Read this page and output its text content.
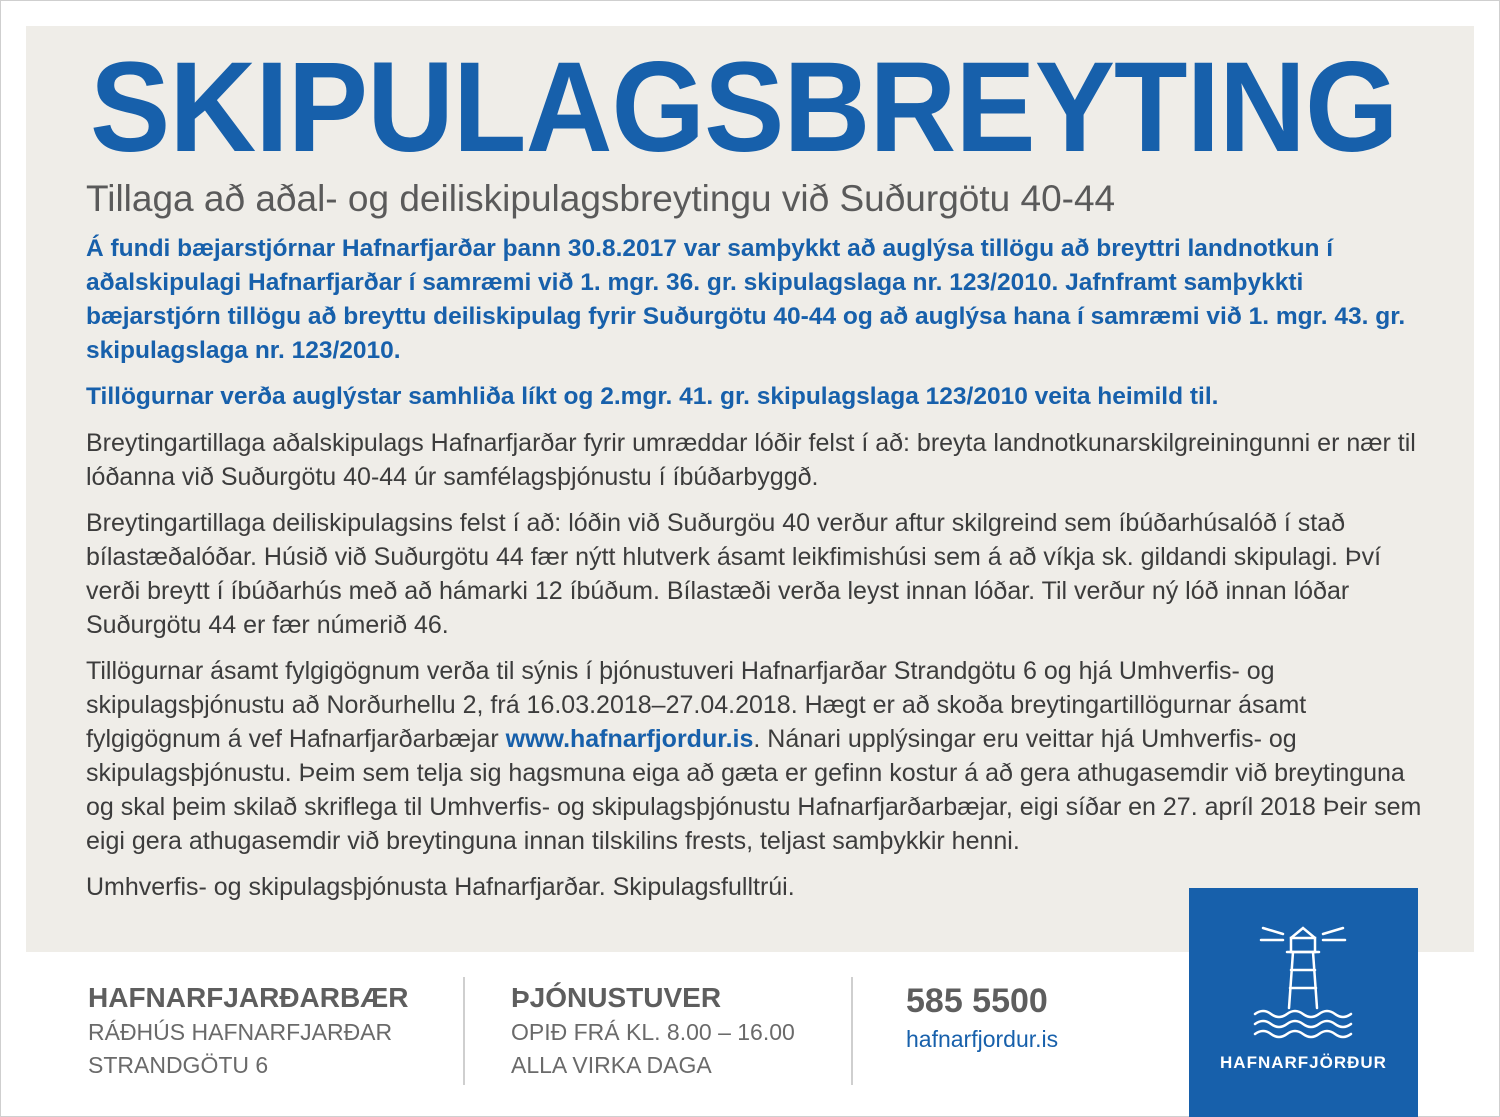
SKIPULAGSBREYTING
Tillaga að aðal- og deiliskipulagsbreytingu við Suðurgötu 40-44

Á fundi bæjarstjórnar Hafnarfjarðar þann 30.8.2017 var samþykkt að auglýsa tillögu að breyttri landnotkun í aðalskipulagi Hafnarfjarðar í samræmi við 1. mgr. 36. gr. skipulagslaga nr. 123/2010. Jafnframt samþykkti bæjarstjórn tillögu að breyttu deiliskipulag fyrir Suðurgötu 40-44 og að auglýsa hana í samræmi við 1. mgr. 43. gr. skipulagslaga nr. 123/2010.

Tillögurnar verða auglýstar samhliða líkt og 2.mgr. 41. gr. skipulagslaga 123/2010 veita heimild til.

Breytingartillaga aðalskipulags Hafnarfjarðar fyrir umræddar lóðir felst í að: breyta landnotkunarskilgreiningunni er nær til lóðanna við Suðurgötu 40-44 úr samfélagsþjónustu í íbúðarbyggð.

Breytingartillaga deiliskipulagsins felst í að: lóðin við Suðurgöu 40 verður aftur skilgreind sem íbúðarhúsalóð í stað bílastæðalóðar. Húsið við Suðurgötu 44 fær nýtt hlutverk ásamt leikfimishúsi sem á að víkja sk. gildandi skipulagi. Því verði breytt í íbúðarhús með að hámarki 12 íbúðum. Bílastæði verða leyst innan lóðar. Til verður ný lóð innan lóðar Suðurgötu 44 er fær númerið 46.

Tillögurnar ásamt fylgigögnum verða til sýnis í þjónustuveri Hafnarfjarðar Strandgötu 6 og hjá Umhverfis- og skipulagsþjónustu að Norðurhellu 2, frá 16.03.2018–27.04.2018. Hægt er að skoða breytingartillögurnar ásamt fylgigögnum á vef Hafnarfjarðarbæjar www.hafnarfjordur.is. Nánari upplýsingar eru veittar hjá Umhverfis- og skipulagsþjónustu. Þeim sem telja sig hagsmuna eiga að gæta er gefinn kostur á að gera athugasemdir við breytinguna og skal þeim skilað skriflega til Umhverfis- og skipulagsþjónustu Hafnarfjarðarbæjar, eigi síðar en 27. apríl 2018 Þeir sem eigi gera athugasemdir við breytinguna innan tilskilins frests, teljast samþykkir henni.

Umhverfis- og skipulagsþjónusta Hafnarfjarðar. Skipulagsfulltrúi.

HAFNARFJARÐARBÆR
RÁÐHÚS HAFNARFJARÐAR
STRANDGÖTU 6
ÞJÓNUSTUVER
OPIÐ FRÁ KL. 8.00 – 16.00
ALLA VIRKA DAGA
585 5500
hafnarfjordur.is
HAFNARFJÖRÐUR
